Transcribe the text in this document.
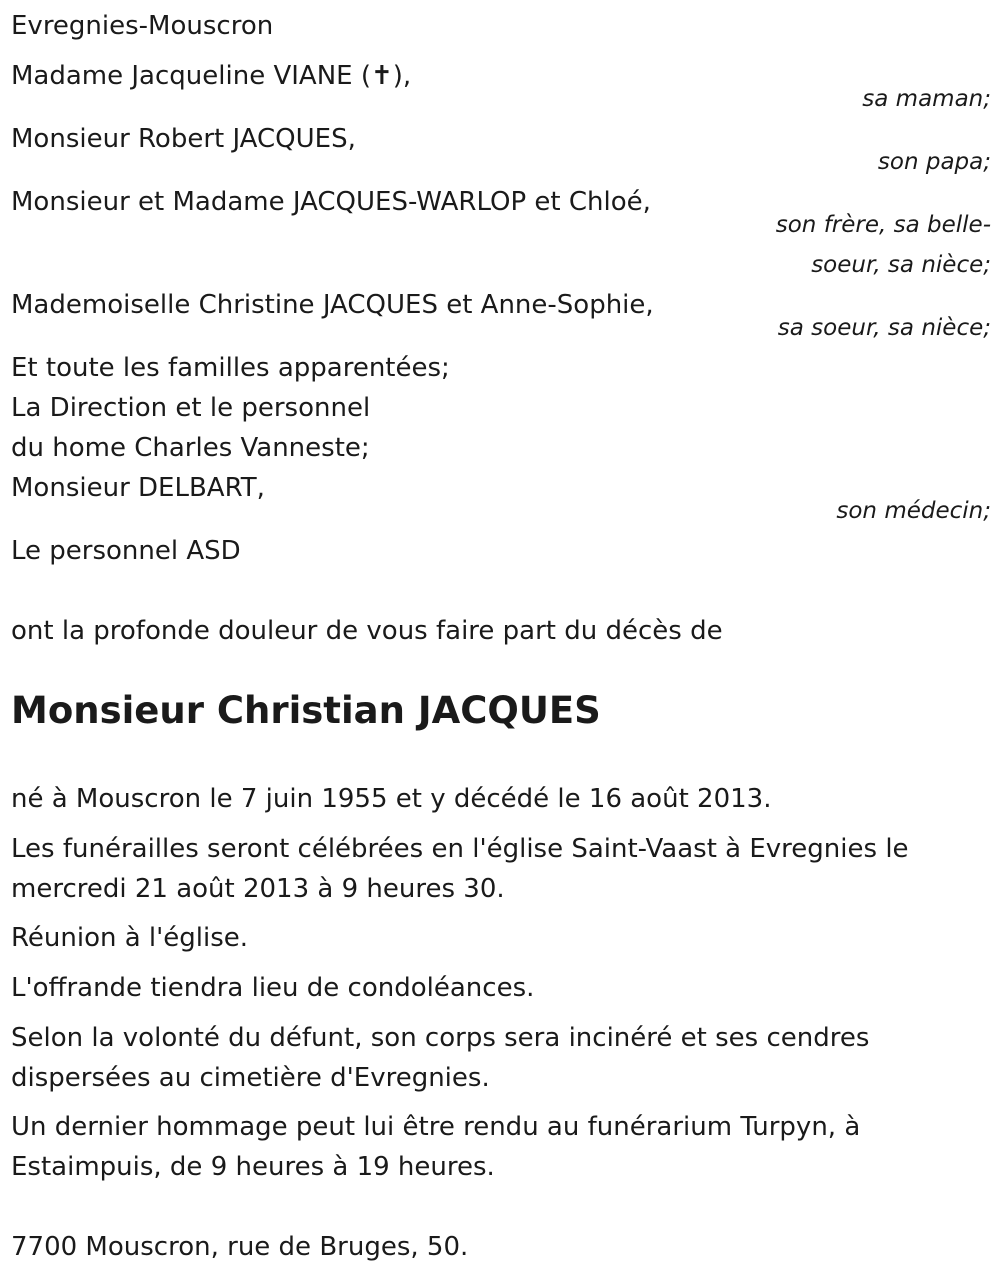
Evregnies-Mouscron
Madame Jacqueline VIANE (✝),
sa maman;
Monsieur Robert JACQUES,
son papa;
Monsieur et Madame JACQUES-WARLOP et Chloé,
son frère, sa belle-
soeur, sa nièce;
Mademoiselle Christine JACQUES et Anne-Sophie,
sa soeur, sa nièce;
Et toute les familles apparentées;
La Direction et le personnel
du home Charles Vanneste;
Monsieur DELBART,
son médecin;
Le personnel ASD
ont la profonde douleur de vous faire part du décès de
Monsieur Christian JACQUES
né à Mouscron le 7 juin 1955 et y décédé le 16 août 2013.
Les funérailles seront célébrées en l'église Saint-Vaast à Evregnies le
mercredi 21 août 2013 à 9 heures 30.
Réunion à l'église.
L'offrande tiendra lieu de condoléances.
Selon la volonté du défunt, son corps sera incinéré et ses cendres
dispersées au cimetière d'Evregnies.
Un dernier hommage peut lui être rendu au funérarium Turpyn, à
Estaimpuis, de 9 heures à 19 heures.
7700 Mouscron, rue de Bruges, 50.
